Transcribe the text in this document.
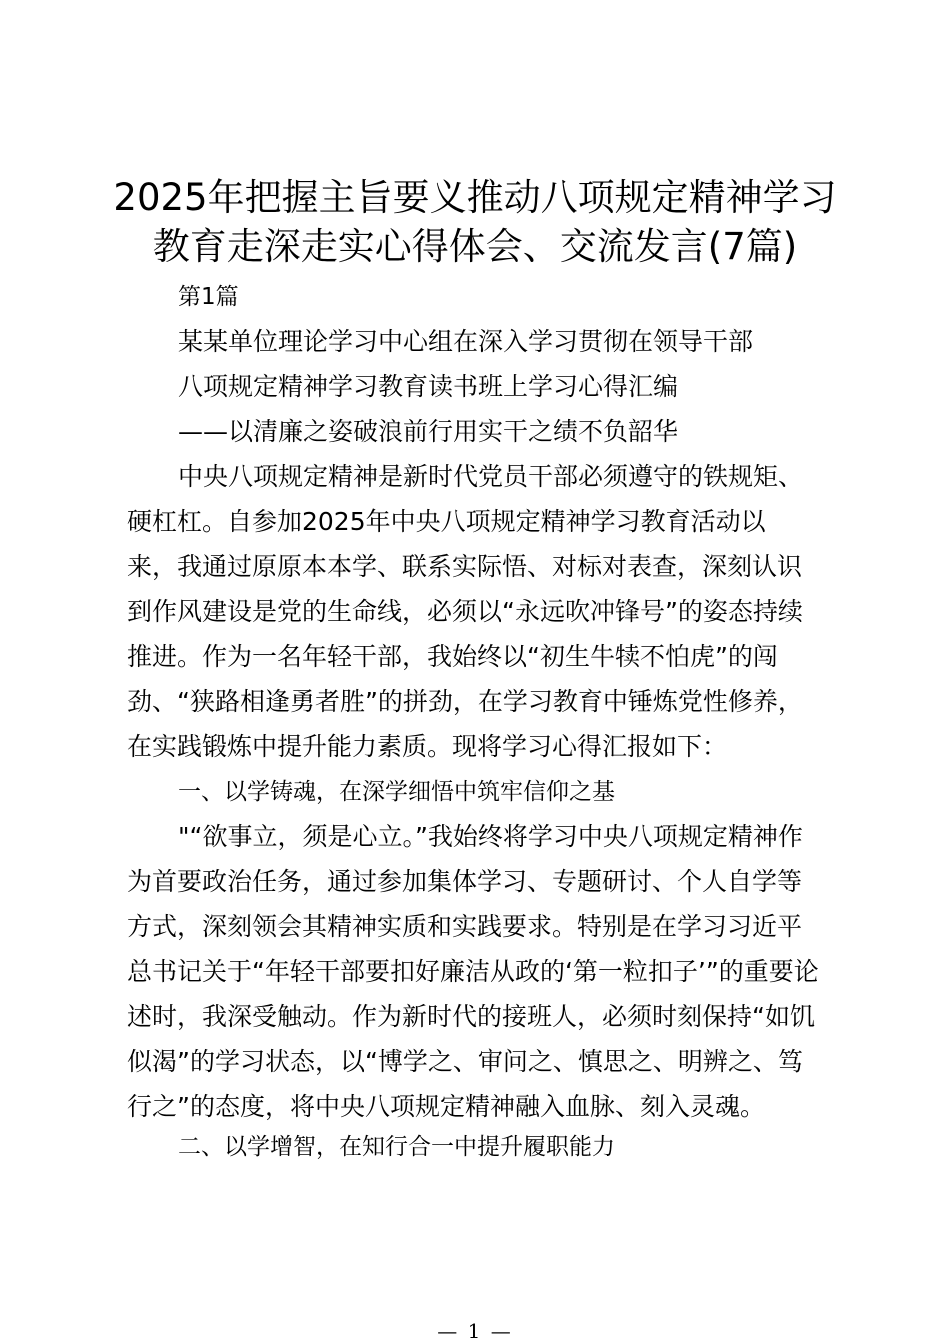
2025年把握主旨要义推动八项规定精神学习
教育走深走实心得体会、交流发言(7篇)
第1篇
某某单位理论学习中心组在深入学习贯彻在领导干部
八项规定精神学习教育读书班上学习心得汇编
——以清廉之姿破浪前行用实干之绩不负韶华
中央八项规定精神是新时代党员干部必须遵守的铁规矩、
硬杠杠。自参加2025年中央八项规定精神学习教育活动以
来，我通过原原本本学、联系实际悟、对标对表查，深刻认识
到作风建设是党的生命线，必须以“永远吹冲锋号”的姿态持续
推进。作为一名年轻干部，我始终以“初生牛犊不怕虎”的闯
劲、“狭路相逢勇者胜”的拼劲，在学习教育中锤炼党性修养，
在实践锻炼中提升能力素质。现将学习心得汇报如下：
一、以学铸魂，在深学细悟中筑牢信仰之基
"“欲事立，须是心立。”我始终将学习中央八项规定精神作
为首要政治任务，通过参加集体学习、专题研讨、个人自学等
方式，深刻领会其精神实质和实践要求。特别是在学习习近平
总书记关于“年轻干部要扣好廉洁从政的‘第一粒扣子’”的重要论
述时，我深受触动。作为新时代的接班人，必须时刻保持“如饥
似渴”的学习状态，以“博学之、审问之、慎思之、明辨之、笃
行之”的态度，将中央八项规定精神融入血脉、刻入灵魂。
二、以学增智，在知行合一中提升履职能力
— 1 —
